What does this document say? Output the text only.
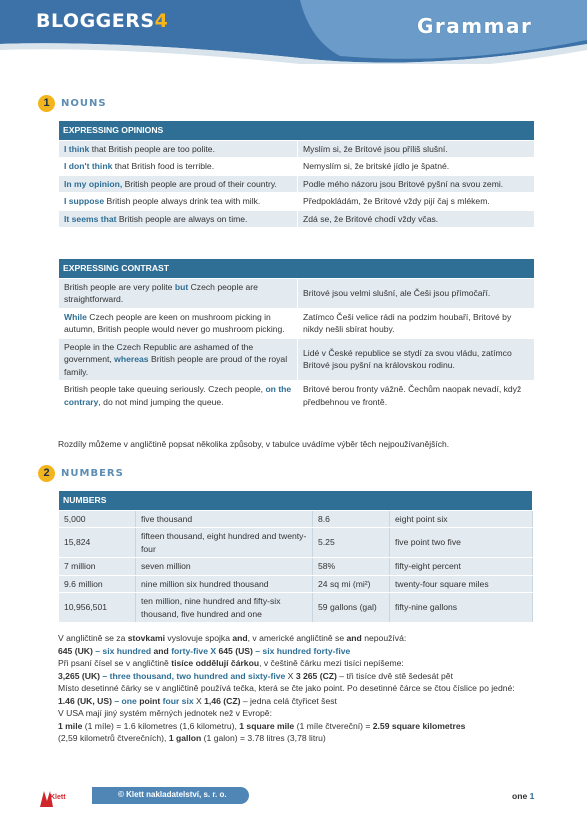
BLOGGERS4	Grammar
1	NOUNS
EXPRESSING OPINIONS	
I think that British people are too polite.	Myslím si, že Britové jsou příliš slušní.
I don't think that British food is terrible.	Nemyslím si, že britské jídlo je špatné.
In my opinion, British people are proud of their country.	Podle mého názoru jsou Britové pyšní na svou zemi.
I suppose British people always drink tea with milk.	Předpokládám, že Britové vždy pijí čaj s mlékem.
It seems that British people are always on time.	Zdá se, že Britové chodí vždy včas.
EXPRESSING CONTRAST	
British people are very polite but Czech people are straightforward.	Britové jsou velmi slušní, ale Češi jsou přímočaří.
While Czech people are keen on mushroom picking in autumn, British people would never go mushroom picking.	Zatímco Češi velice rádi na podzim houbaří, Britové by nikdy nešli sbírat houby.
People in the Czech Republic are ashamed of the government, whereas British people are proud of the royal family.	Lidé v České republice se stydí za svou vládu, zatímco Britové jsou pyšní na královskou rodinu.
British people take queuing seriously. Czech people, on the contrary, do not mind jumping the queue.	Britové berou fronty vážně. Čechům naopak nevadí, když předbehnou ve frontě.
Rozdíly můžeme v angličtině popsat několika způsoby, v tabulce uvádíme výběr těch nejpoužívanějších.
2	NUMBERS
NUMBERS			
5,000	five thousand	8.6	eight point six
15,824	fifteen thousand, eight hundred and twenty-four	5.25	five point two five
7 million	seven million	58%	fifty-eight percent
9.6 million	nine million six hundred thousand	24 sq mi (mi²)	twenty-four square miles
10,956,501	ten million, nine hundred and fifty-six thousand, five hundred and one	59 gallons (gal)	fifty-nine gallons

V angličtině se za stovkami vyslovuje spojka and, v americké angličtině se and nepoužívá:

645 (UK) – six hundred and forty-five X 645 (US) – six hundred forty-five

Při psaní čísel se v angličtině tisíce oddělují čárkou, v češtině čárku mezi tisíci nepíšeme:

3,265 (UK) – three thousand, two hundred and sixty-five X 3 265 (CZ) – tři tisíce dvě stě šedesát pět

Místo desetinné čárky se v angličtině používá tečka, která se čte jako point. Po desetinné čárce se čtou číslice po jedné:

1.46 (UK, US) – one point four six X 1,46 (CZ) – jedna celá čtyřicet šest

V USA mají jiný systém měrných jednotek než v Evropě:

1 mile (1 míle) = 1.6 kilometres (1,6 kilometru), 1 square mile (1 míle čtvereční) = 2.59 square kilometres

(2,59 kilometrů čtverečních), 1 gallon (1 galon) = 3.78 litres (3,78 litru)

Klett	© Klett nakladatelství, s. r. o.	one 1
